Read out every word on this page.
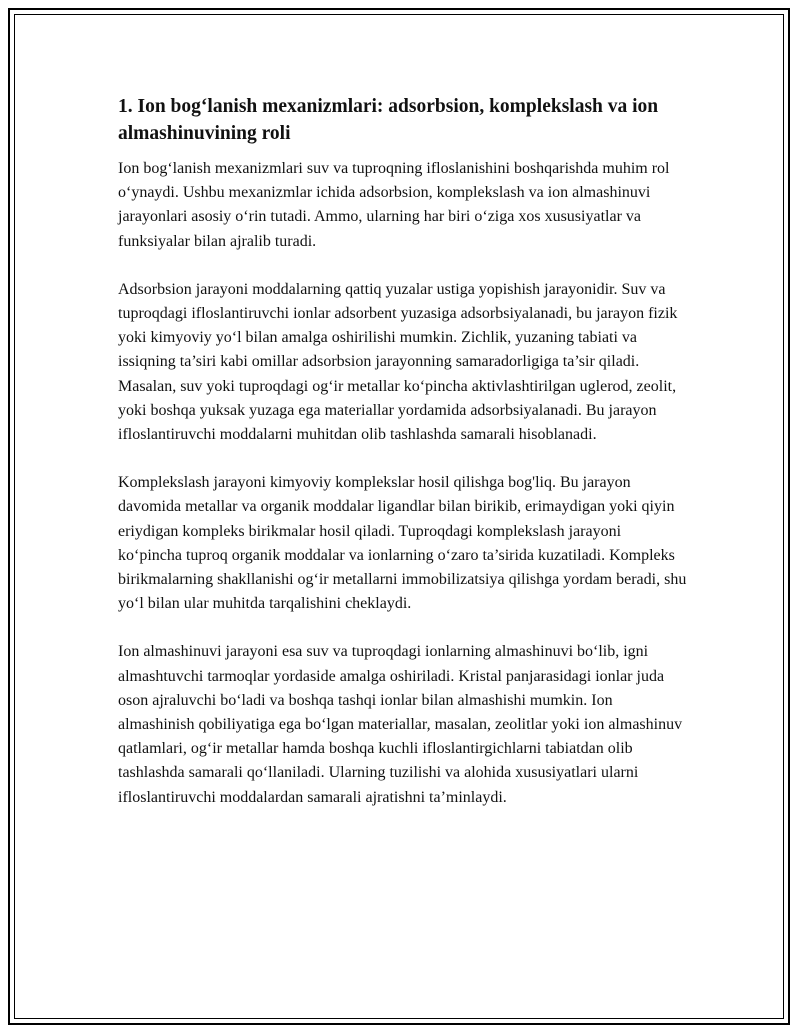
1. Ion bog‘lanish mexanizmlari: adsorbsion, komplekslash va ion almashinuvining roli

Ion bog‘lanish mexanizmlari suv va tuproqning ifloslanishini boshqarishda muhim rol o‘ynaydi. Ushbu mexanizmlar ichida adsorbsion, komplekslash va ion almashinuvi jarayonlari asosiy o‘rin tutadi. Ammo, ularning har biri o‘ziga xos xususiyatlar va funksiyalar bilan ajralib turadi.

Adsorbsion jarayoni moddalarning qattiq yuzalar ustiga yopishish jarayonidir. Suv va tuproqdagi ifloslantiruvchi ionlar adsorbent yuzasiga adsorbsiyalanadi, bu jarayon fizik yoki kimyoviy yo‘l bilan amalga oshirilishi mumkin. Zichlik, yuzaning tabiati va issiqning ta’siri kabi omillar adsorbsion jarayonning samaradorligiga ta’sir qiladi. Masalan, suv yoki tuproqdagi og‘ir metallar ko‘pincha aktivlashtirilgan uglerod, zeolit, yoki boshqa yuksak yuzaga ega materiallar yordamida adsorbsiyalanadi. Bu jarayon ifloslantiruvchi moddalarni muhitdan olib tashlashda samarali hisoblanadi.

Komplekslash jarayoni kimyoviy komplekslar hosil qilishga bog'liq. Bu jarayon davomida metallar va organik moddalar ligandlar bilan birikib, erimaydigan yoki qiyin eriydigan kompleks birikmalar hosil qiladi. Tuproqdagi komplekslash jarayoni ko‘pincha tuproq organik moddalar va ionlarning o‘zaro ta’sirida kuzatiladi. Kompleks birikmalarning shakllanishi og‘ir metallarni immobilizatsiya qilishga yordam beradi, shu yo‘l bilan ular muhitda tarqalishini cheklaydi.

Ion almashinuvi jarayoni esa suv va tuproqdagi ionlarning almashinuvi bo‘lib, igni almashtuvchi tarmoqlar yordaside amalga oshiriladi. Kristal panjarasidagi ionlar juda oson ajraluvchi bo‘ladi va boshqa tashqi ionlar bilan almashishi mumkin. Ion almashinish qobiliyatiga ega bo‘lgan materiallar, masalan, zeolitlar yoki ion almashinuv qatlamlari, og‘ir metallar hamda boshqa kuchli ifloslantirgichlarni tabiatdan olib tashlashda samarali qo‘llaniladi. Ularning tuzilishi va alohida xususiyatlari ularni ifloslantiruvchi moddalardan samarali ajratishni ta’minlaydi.
